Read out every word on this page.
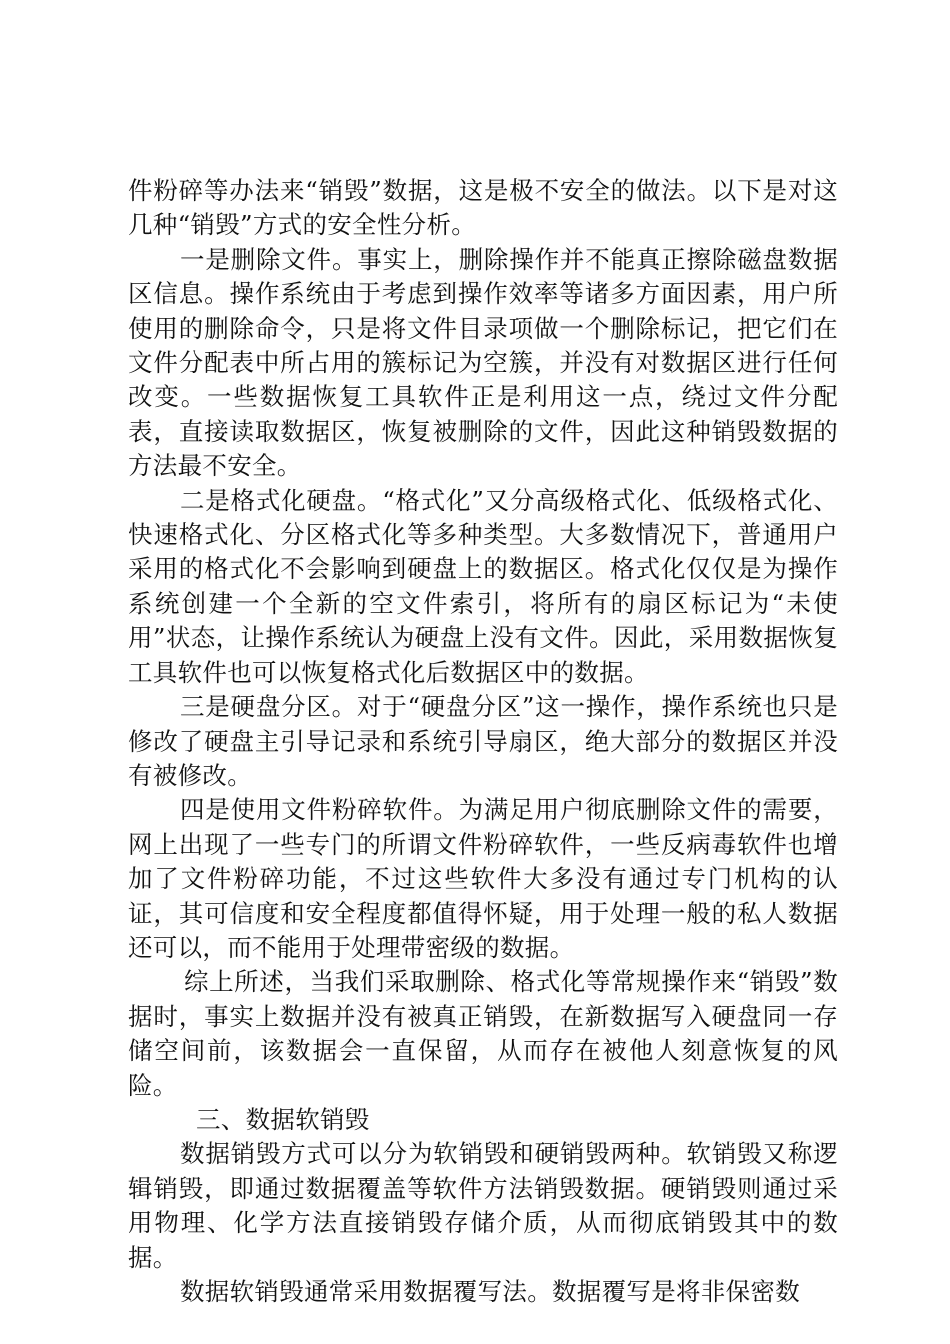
件粉碎等办法来“销毁”数据，这是极不安全的做法。以下是对这几种“销毁”方式的安全性分析。

一是删除文件。事实上，删除操作并不能真正擦除磁盘数据区信息。操作系统由于考虑到操作效率等诸多方面因素，用户所使用的删除命令，只是将文件目录项做一个删除标记，把它们在文件分配表中所占用的簇标记为空簇，并没有对数据区进行任何改变。一些数据恢复工具软件正是利用这一点，绕过文件分配表，直接读取数据区，恢复被删除的文件，因此这种销毁数据的方法最不安全。

二是格式化硬盘。“格式化”又分高级格式化、低级格式化、快速格式化、分区格式化等多种类型。大多数情况下，普通用户采用的格式化不会影响到硬盘上的数据区。格式化仅仅是为操作系统创建一个全新的空文件索引，将所有的扇区标记为“未使用”状态，让操作系统认为硬盘上没有文件。因此，采用数据恢复工具软件也可以恢复格式化后数据区中的数据。

三是硬盘分区。对于“硬盘分区”这一操作，操作系统也只是修改了硬盘主引导记录和系统引导扇区，绝大部分的数据区并没有被修改。

四是使用文件粉碎软件。为满足用户彻底删除文件的需要，网上出现了一些专门的所谓文件粉碎软件，一些反病毒软件也增加了文件粉碎功能，不过这些软件大多没有通过专门机构的认证，其可信度和安全程度都值得怀疑，用于处理一般的私人数据还可以，而不能用于处理带密级的数据。

综上所述，当我们采取删除、格式化等常规操作来“销毁”数据时，事实上数据并没有被真正销毁，在新数据写入硬盘同一存储空间前，该数据会一直保留，从而存在被他人刻意恢复的风险。

三、数据软销毁

数据销毁方式可以分为软销毁和硬销毁两种。软销毁又称逻辑销毁，即通过数据覆盖等软件方法销毁数据。硬销毁则通过采用物理、化学方法直接销毁存储介质，从而彻底销毁其中的数据。

数据软销毁通常采用数据覆写法。数据覆写是将非保密数
